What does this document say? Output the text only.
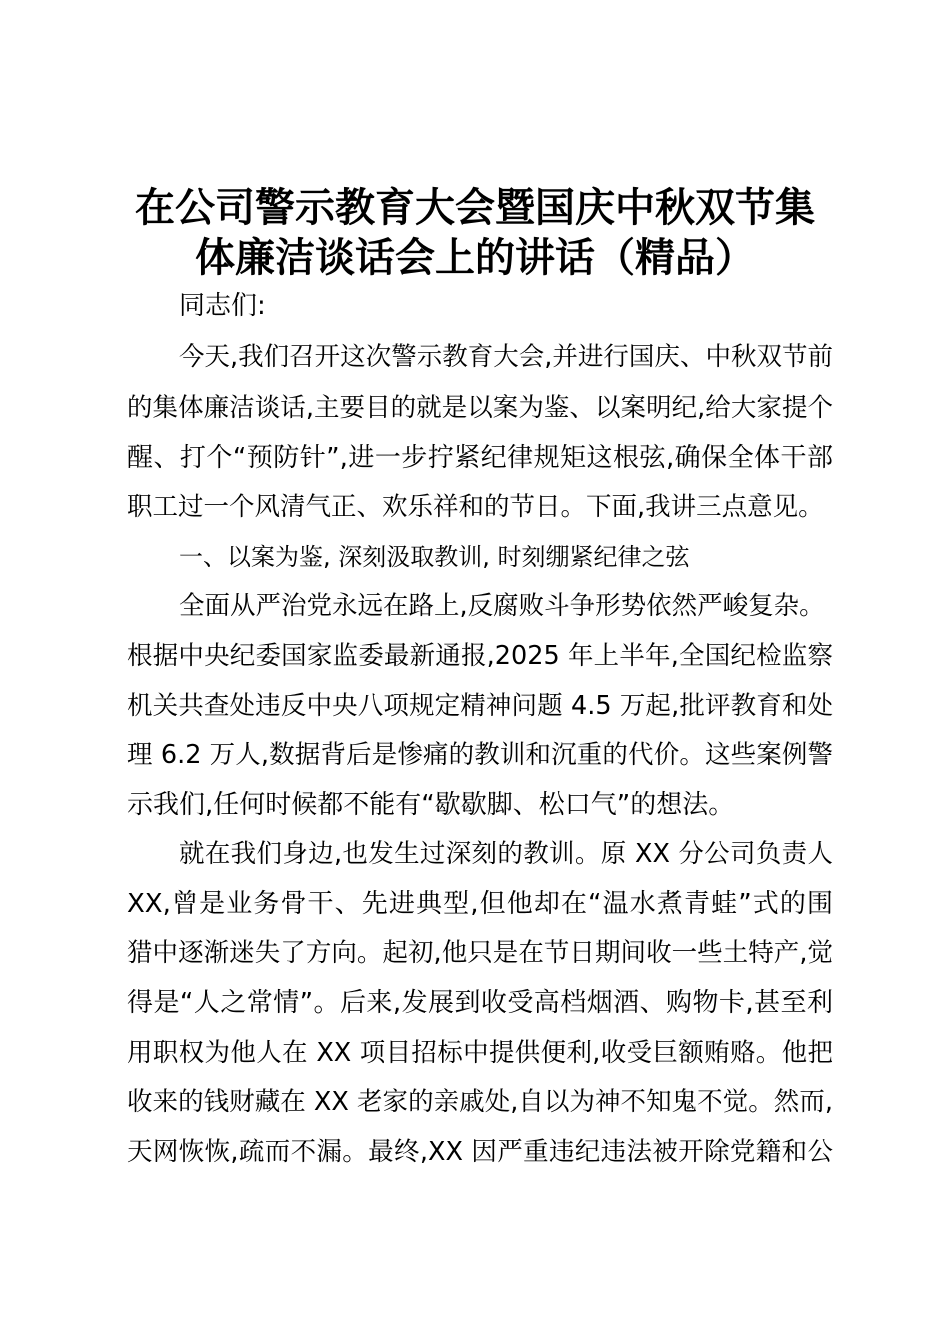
在公司警示教育大会暨国庆中秋双节集
体廉洁谈话会上的讲话（精品）
同志们:
今天,我们召开这次警示教育大会,并进行国庆、中秋双节前
的集体廉洁谈话,主要目的就是以案为鉴、以案明纪,给大家提个
醒、打个“预防针”,进一步拧紧纪律规矩这根弦,确保全体干部
职工过一个风清气正、欢乐祥和的节日。下面,我讲三点意见。
一、以案为鉴, 深刻汲取教训, 时刻绷紧纪律之弦
全面从严治党永远在路上,反腐败斗争形势依然严峻复杂。
根据中央纪委国家监委最新通报,2025 年上半年,全国纪检监察
机关共查处违反中央八项规定精神问题 4.5 万起,批评教育和处
理 6.2 万人,数据背后是惨痛的教训和沉重的代价。这些案例警
示我们,任何时候都不能有“歇歇脚、松口气”的想法。
就在我们身边,也发生过深刻的教训。原 XX 分公司负责人
XX,曾是业务骨干、先进典型,但他却在“温水煮青蛙”式的围
猎中逐渐迷失了方向。起初,他只是在节日期间收一些土特产,觉
得是“人之常情”。后来,发展到收受高档烟酒、购物卡,甚至利
用职权为他人在 XX 项目招标中提供便利,收受巨额贿赂。他把
收来的钱财藏在 XX 老家的亲戚处,自以为神不知鬼不觉。然而,
天网恢恢,疏而不漏。最终,XX 因严重违纪违法被开除党籍和公
